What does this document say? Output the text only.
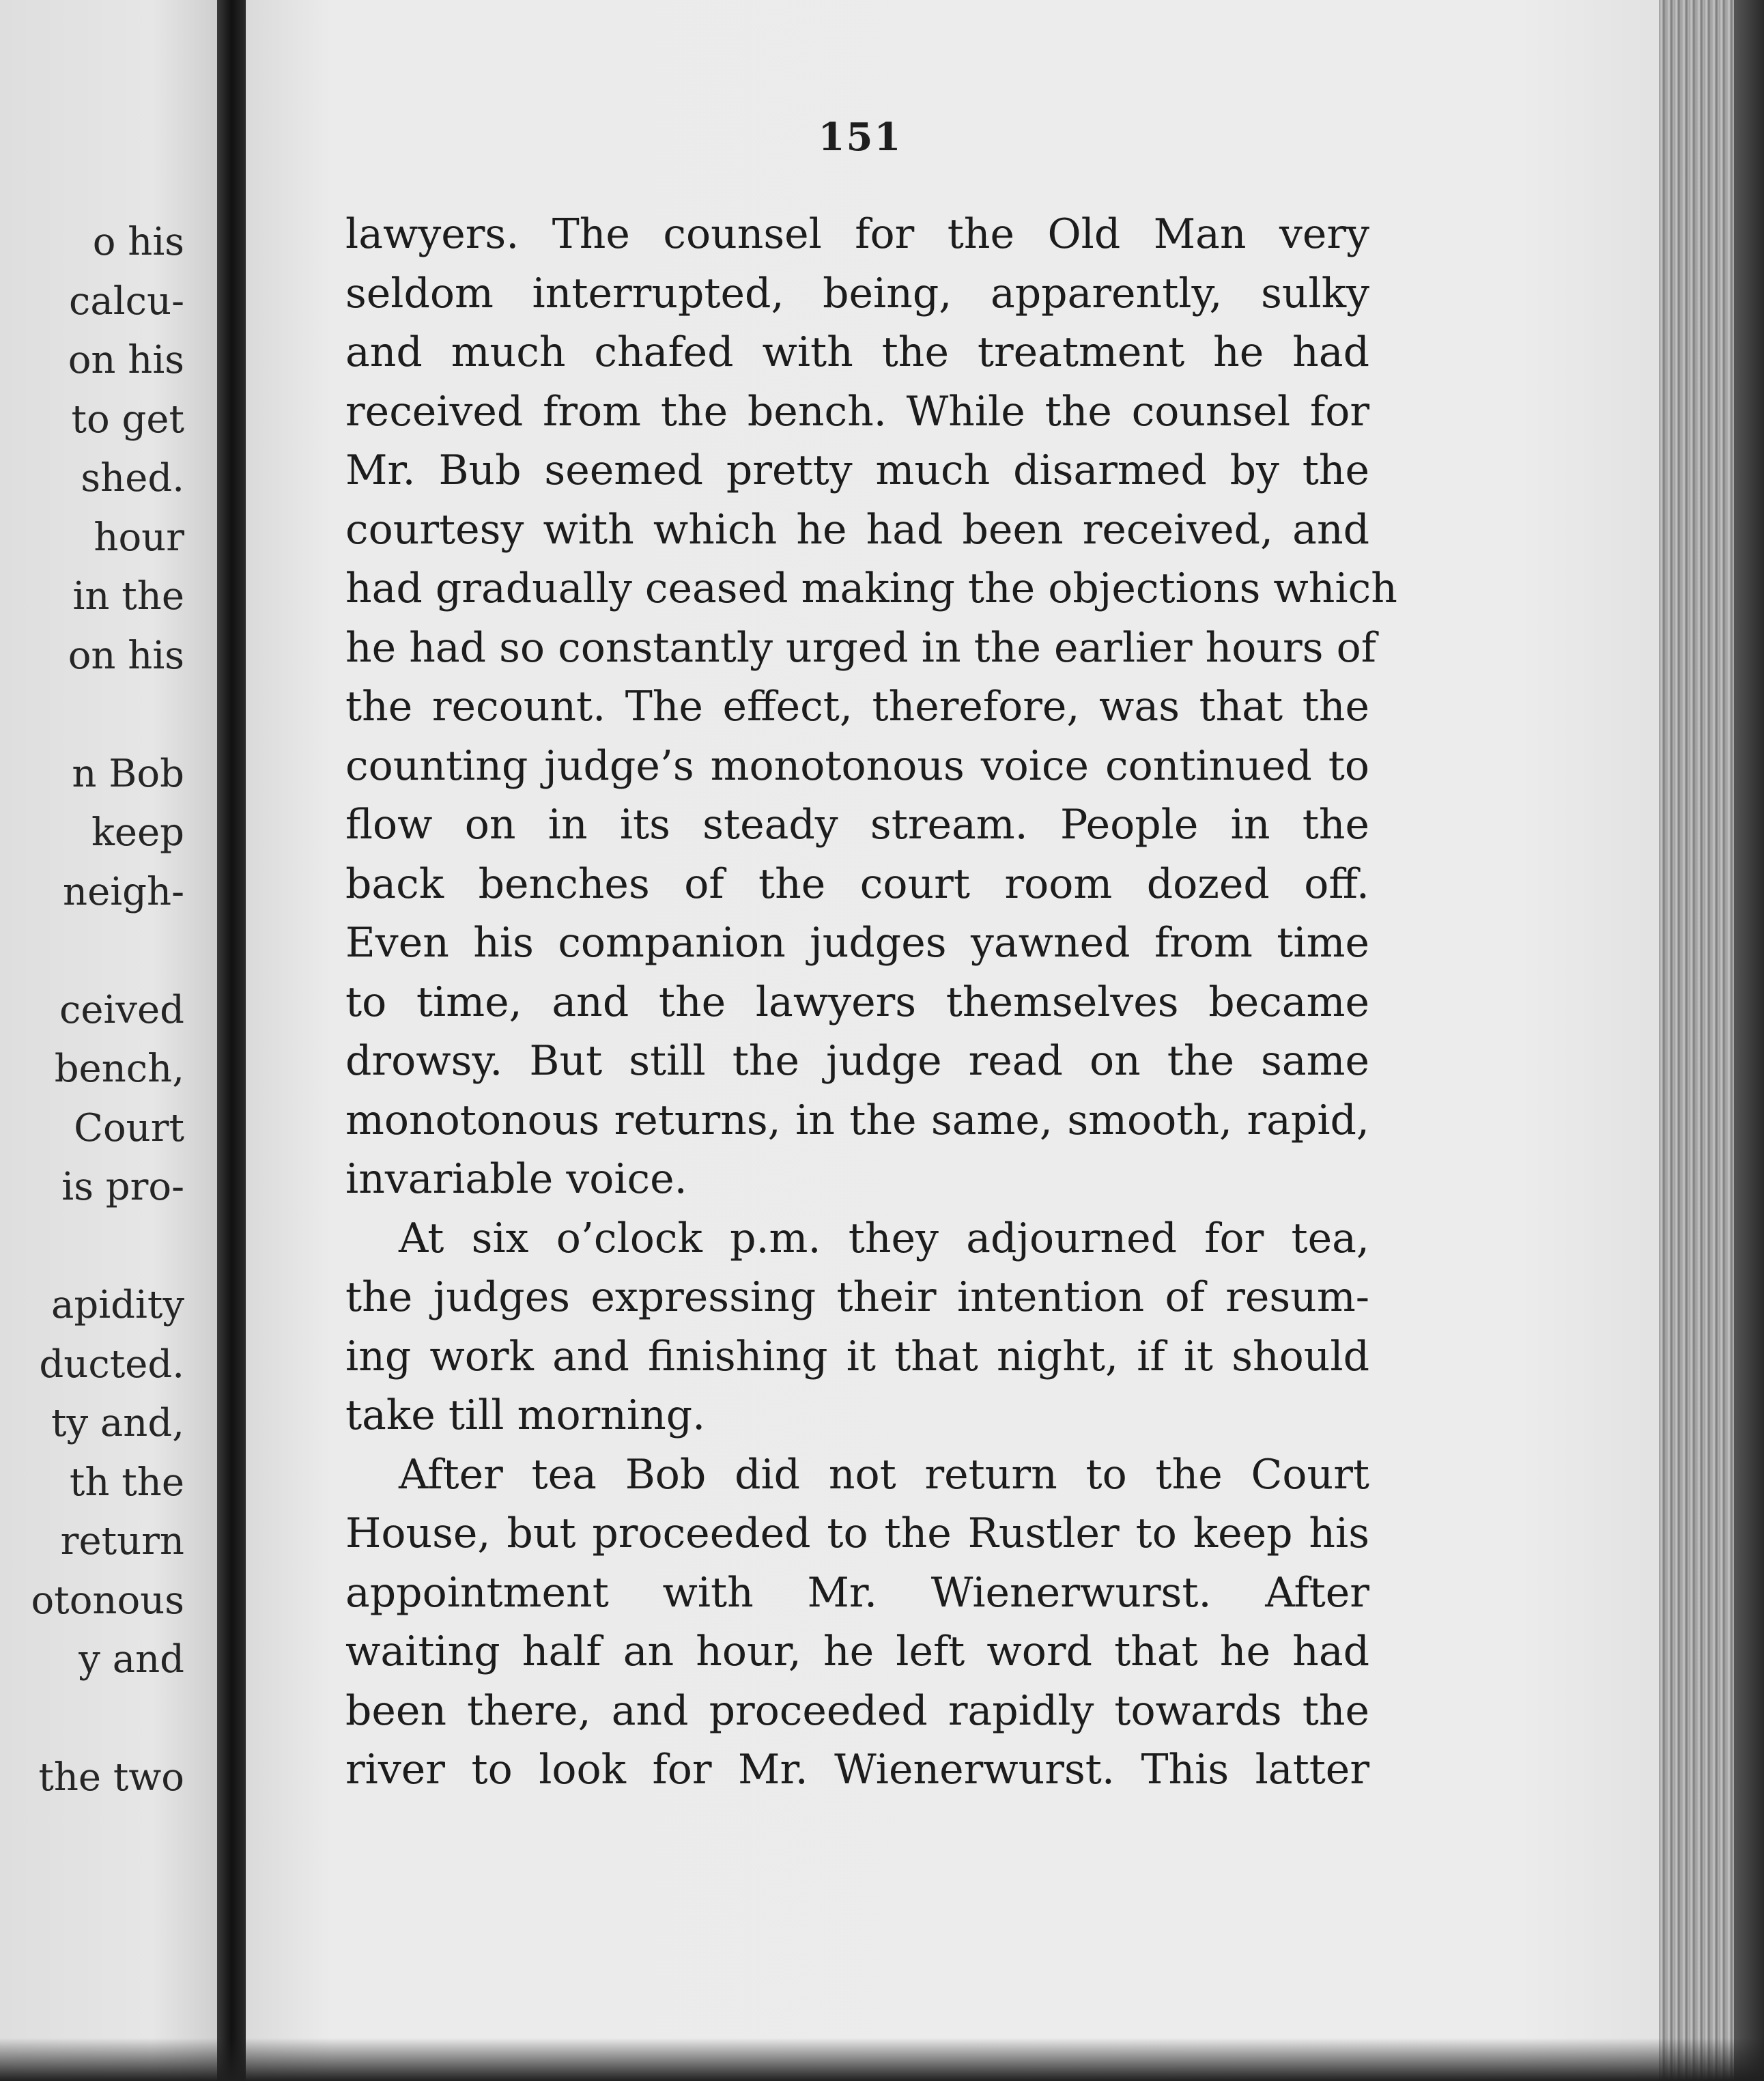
o his
calcu-
on his
to get
shed.
hour
in the
on his
n Bob
keep
neigh-
ceived
bench,
Court
is pro-
apidity
ducted.
ty and,
th the
return
otonous
y and
the two
151
lawyers. The counsel for the Old Man very
seldom interrupted, being, apparently, sulky
and much chafed with the treatment he had
received from the bench. While the counsel for
Mr. Bub seemed pretty much disarmed by the
courtesy with which he had been received, and
had gradually ceased making the objections which
he had so constantly urged in the earlier hours of
the recount. The effect, therefore, was that the
counting judge’s monotonous voice continued to
flow on in its steady stream. People in the
back benches of the court room dozed off.
Even his companion judges yawned from time
to time, and the lawyers themselves became
drowsy. But still the judge read on the same
monotonous returns, in the same, smooth, rapid,
invariable voice.
At six o’clock p.m. they adjourned for tea,
the judges expressing their intention of resum-
ing work and finishing it that night, if it should
take till morning.
After tea Bob did not return to the Court
House, but proceeded to the Rustler to keep his
appointment with Mr. Wienerwurst. After
waiting half an hour, he left word that he had
been there, and proceeded rapidly towards the
river to look for Mr. Wienerwurst. This latter
